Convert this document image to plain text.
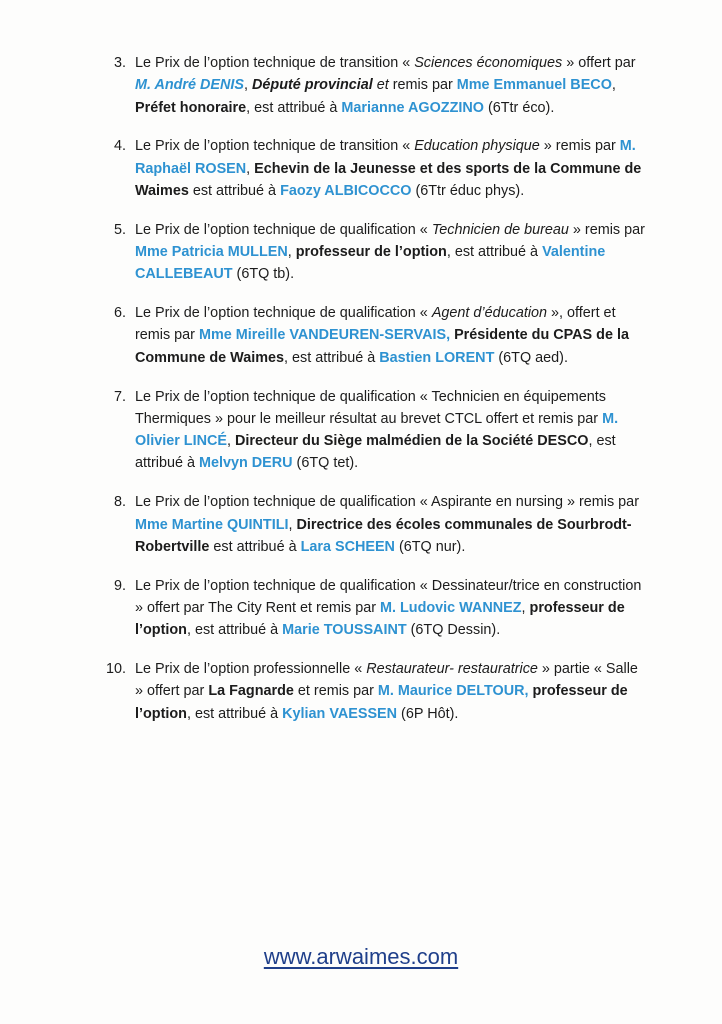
3. Le Prix de l’option technique de transition « Sciences économiques » offert par M. André DENIS, Député provincial et remis par Mme Emmanuel BECO, Préfet honoraire, est attribué à Marianne AGOZZINO (6Ttr éco).
4. Le Prix de l’option technique de transition « Education physique » remis par M. Raphaël ROSEN, Echevin de la Jeunesse et des sports de la Commune de Waimes est attribué à Faozy ALBICOCCO (6Ttr éduc phys).
5. Le Prix de l’option technique de qualification « Technicien de bureau » remis par Mme Patricia MULLEN, professeur de l’option, est attribué à Valentine CALLEBEAUT (6TQ tb).
6. Le Prix de l’option technique de qualification « Agent d’éducation », offert et remis par Mme Mireille VANDEUREN-SERVAIS, Présidente du CPAS de la Commune de Waimes, est attribué à Bastien LORENT (6TQ aed).
7. Le Prix de l’option technique de qualification « Technicien en équipements Thermiques » pour le meilleur résultat au brevet CTCL offert et remis par M. Olivier LINCÉ, Directeur du Siège malmédien de la Société DESCO, est attribué à Melvyn DERU (6TQ tet).
8. Le Prix de l’option technique de qualification « Aspirante en nursing » remis par Mme Martine QUINTILI, Directrice des écoles communales de Sourbrodt- Robertville est attribué à Lara SCHEEN (6TQ nur).
9. Le Prix de l’option technique de qualification « Dessinateur/trice en construction » offert par The City Rent et remis par M. Ludovic WANNEZ, professeur de l’option, est attribué à Marie TOUSSAINT (6TQ Dessin).
10. Le Prix de l’option professionnelle « Restaurateur- restauratrice » partie « Salle » offert par La Fagnarde et remis par M. Maurice DELTOUR, professeur de l’option, est attribué à Kylian VAESSEN (6P Hôt).
www.arwaimes.com
